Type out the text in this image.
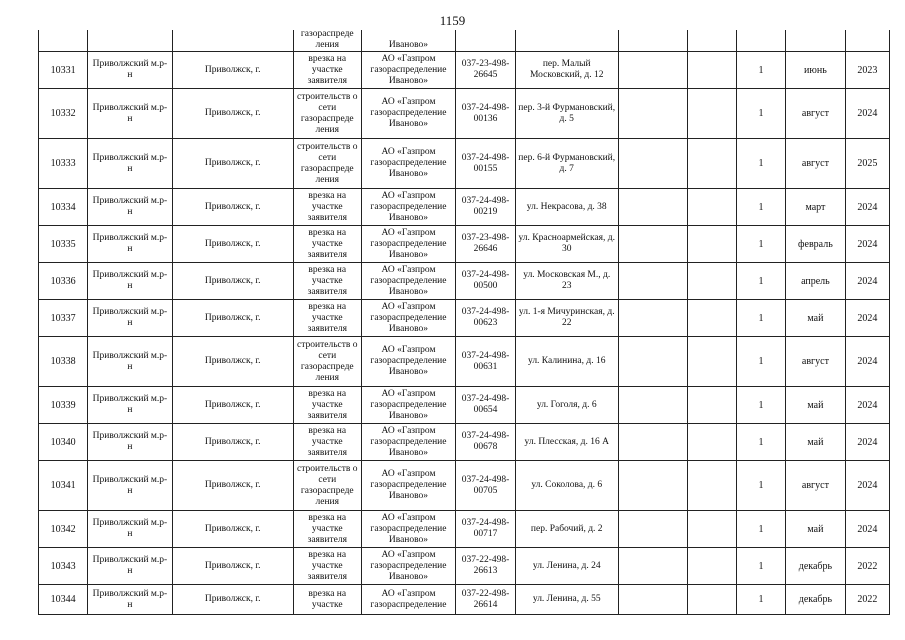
1159
			газораспреде ления	Иваново»							
10331	Приволжский м.р-н	Приволжск, г.	врезка на участке заявителя	АО «Газпром газораспределение Иваново»	037-23-498-26645	пер. Малый Московский, д. 12			1	июнь	2023
10332	Приволжский м.р-н	Приволжск, г.	строительств о сети газораспреде ления	АО «Газпром газораспределение Иваново»	037-24-498-00136	пер. 3-й Фурмановский, д. 5			1	август	2024
10333	Приволжский м.р-н	Приволжск, г.	строительств о сети газораспреде ления	АО «Газпром газораспределение Иваново»	037-24-498-00155	пер. 6-й Фурмановский, д. 7			1	август	2025
10334	Приволжский м.р-н	Приволжск, г.	врезка на участке заявителя	АО «Газпром газораспределение Иваново»	037-24-498-00219	ул. Некрасова, д. 38			1	март	2024
10335	Приволжский м.р-н	Приволжск, г.	врезка на участке заявителя	АО «Газпром газораспределение Иваново»	037-23-498-26646	ул. Красноармейская, д. 30			1	февраль	2024
10336	Приволжский м.р-н	Приволжск, г.	врезка на участке заявителя	АО «Газпром газораспределение Иваново»	037-24-498-00500	ул. Московская М., д. 23			1	апрель	2024
10337	Приволжский м.р-н	Приволжск, г.	врезка на участке заявителя	АО «Газпром газораспределение Иваново»	037-24-498-00623	ул. 1-я Мичуринская, д. 22			1	май	2024
10338	Приволжский м.р-н	Приволжск, г.	строительств о сети газораспреде ления	АО «Газпром газораспределение Иваново»	037-24-498-00631	ул. Калинина, д. 16			1	август	2024
10339	Приволжский м.р-н	Приволжск, г.	врезка на участке заявителя	АО «Газпром газораспределение Иваново»	037-24-498-00654	ул. Гоголя, д. 6			1	май	2024
10340	Приволжский м.р-н	Приволжск, г.	врезка на участке заявителя	АО «Газпром газораспределение Иваново»	037-24-498-00678	ул. Плесская, д. 16 А			1	май	2024
10341	Приволжский м.р-н	Приволжск, г.	строительств о сети газораспреде ления	АО «Газпром газораспределение Иваново»	037-24-498-00705	ул. Соколова, д. 6			1	август	2024
10342	Приволжский м.р-н	Приволжск, г.	врезка на участке заявителя	АО «Газпром газораспределение Иваново»	037-24-498-00717	пер. Рабочий, д. 2			1	май	2024
10343	Приволжский м.р-н	Приволжск, г.	врезка на участке заявителя	АО «Газпром газораспределение Иваново»	037-22-498-26613	ул. Ленина, д. 24			1	декабрь	2022
10344	Приволжский м.р-н	Приволжск, г.	врезка на участке	АО «Газпром газораспределение	037-22-498-26614	ул. Ленина, д. 55			1	декабрь	2022
